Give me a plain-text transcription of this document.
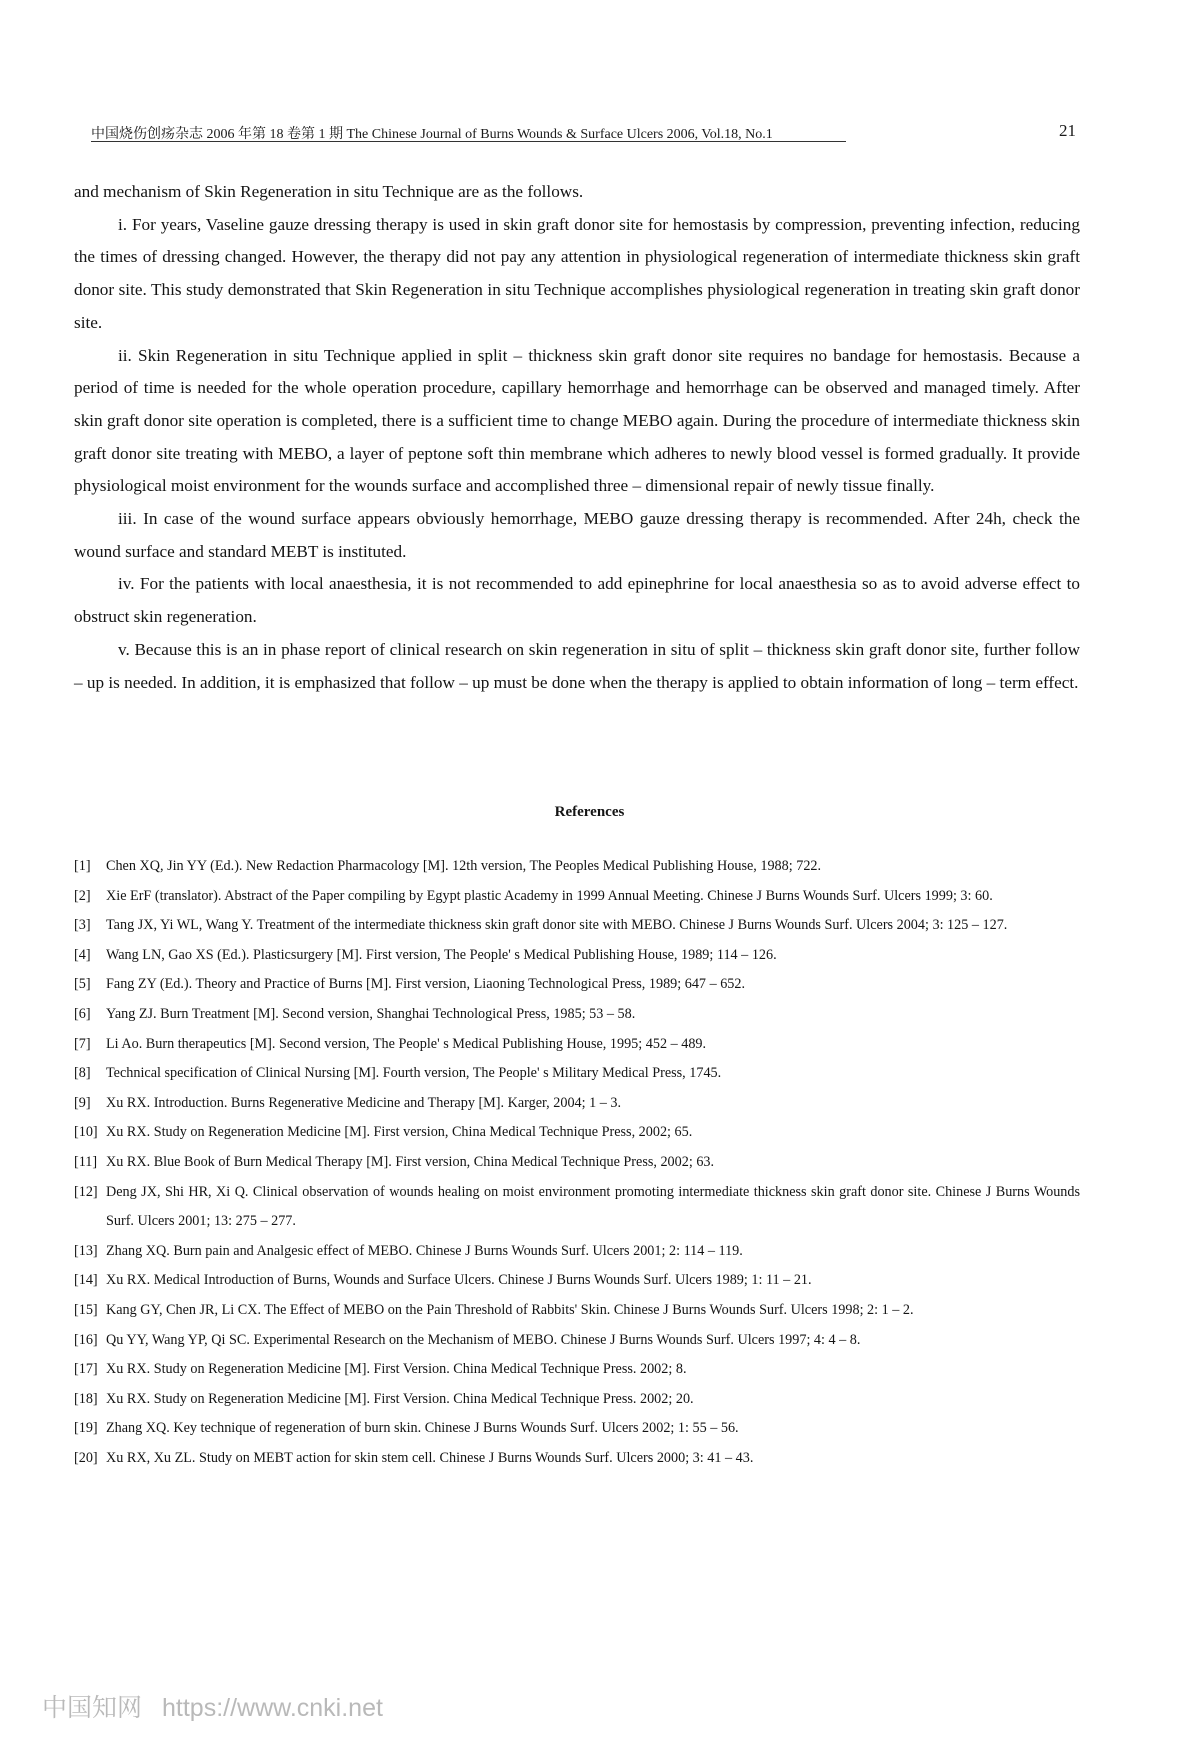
中国烧伤创疡杂志 2006 年第 18 卷第 1 期 The Chinese Journal of Burns Wounds & Surface Ulcers 2006, Vol.18, No.1	21

and mechanism of Skin Regeneration in situ Technique are as the follows.

i. For years, Vaseline gauze dressing therapy is used in skin graft donor site for hemostasis by compression, preventing infection, reducing the times of dressing changed. However, the therapy did not pay any attention in physiological regeneration of intermediate thickness skin graft donor site. This study demonstrated that Skin Regeneration in situ Technique accomplishes physiological regeneration in treating skin graft donor site.

ii. Skin Regeneration in situ Technique applied in split – thickness skin graft donor site requires no bandage for hemostasis. Because a period of time is needed for the whole operation procedure, capillary hemorrhage and hemorrhage can be observed and managed timely. After skin graft donor site operation is completed, there is a sufficient time to change MEBO again. During the procedure of intermediate thickness skin graft donor site treating with MEBO, a layer of peptone soft thin membrane which adheres to newly blood vessel is formed gradually. It provide physiological moist environment for the wounds surface and accomplished three – dimensional repair of newly tissue finally.

iii. In case of the wound surface appears obviously hemorrhage, MEBO gauze dressing therapy is recommended. After 24h, check the wound surface and standard MEBT is instituted.

iv. For the patients with local anaesthesia, it is not recommended to add epinephrine for local anaesthesia so as to avoid adverse effect to obstruct skin regeneration.

v. Because this is an in phase report of clinical research on skin regeneration in situ of split – thickness skin graft donor site, further follow – up is needed. In addition, it is emphasized that follow – up must be done when the therapy is applied to obtain information of long – term effect.

References
[1]	Chen XQ, Jin YY (Ed.). New Redaction Pharmacology [M]. 12th version, The Peoples Medical Publishing House, 1988; 722.
[2]	Xie ErF (translator). Abstract of the Paper compiling by Egypt plastic Academy in 1999 Annual Meeting. Chinese J Burns Wounds Surf. Ulcers 1999; 3: 60.
[3]	Tang JX, Yi WL, Wang Y. Treatment of the intermediate thickness skin graft donor site with MEBO. Chinese J Burns Wounds Surf. Ulcers 2004; 3: 125 – 127.
[4]	Wang LN, Gao XS (Ed.). Plasticsurgery [M]. First version, The People' s Medical Publishing House, 1989; 114 – 126.
[5]	Fang ZY (Ed.). Theory and Practice of Burns [M]. First version, Liaoning Technological Press, 1989; 647 – 652.
[6]	Yang ZJ. Burn Treatment [M]. Second version, Shanghai Technological Press, 1985; 53 – 58.
[7]	Li Ao. Burn therapeutics [M]. Second version, The People' s Medical Publishing House, 1995; 452 – 489.
[8]	Technical specification of Clinical Nursing [M]. Fourth version, The People' s Military Medical Press, 1745.
[9]	Xu RX. Introduction. Burns Regenerative Medicine and Therapy [M]. Karger, 2004; 1 – 3.
[10] Xu RX. Study on Regeneration Medicine [M]. First version, China Medical Technique Press, 2002; 65.
[11] Xu RX. Blue Book of Burn Medical Therapy [M]. First version, China Medical Technique Press, 2002; 63.
[12] Deng JX, Shi HR, Xi Q. Clinical observation of wounds healing on moist environment promoting intermediate thickness skin graft donor site. Chinese J Burns Wounds Surf. Ulcers 2001; 13: 275 – 277.
[13] Zhang XQ. Burn pain and Analgesic effect of MEBO. Chinese J Burns Wounds Surf. Ulcers 2001; 2: 114 – 119.
[14] Xu RX. Medical Introduction of Burns, Wounds and Surface Ulcers. Chinese J Burns Wounds Surf. Ulcers 1989; 1: 11 – 21.
[15] Kang GY, Chen JR, Li CX. The Effect of MEBO on the Pain Threshold of Rabbits' Skin. Chinese J Burns Wounds Surf. Ulcers 1998; 2: 1 – 2.
[16] Qu YY, Wang YP, Qi SC. Experimental Research on the Mechanism of MEBO. Chinese J Burns Wounds Surf. Ulcers 1997; 4: 4 – 8.
[17] Xu RX. Study on Regeneration Medicine [M]. First Version. China Medical Technique Press. 2002; 8.
[18] Xu RX. Study on Regeneration Medicine [M]. First Version. China Medical Technique Press. 2002; 20.
[19] Zhang XQ. Key technique of regeneration of burn skin. Chinese J Burns Wounds Surf. Ulcers 2002; 1: 55 – 56.
[20] Xu RX, Xu ZL. Study on MEBT action for skin stem cell. Chinese J Burns Wounds Surf. Ulcers 2000; 3: 41 – 43.
中国知网 https://www.cnki.net
